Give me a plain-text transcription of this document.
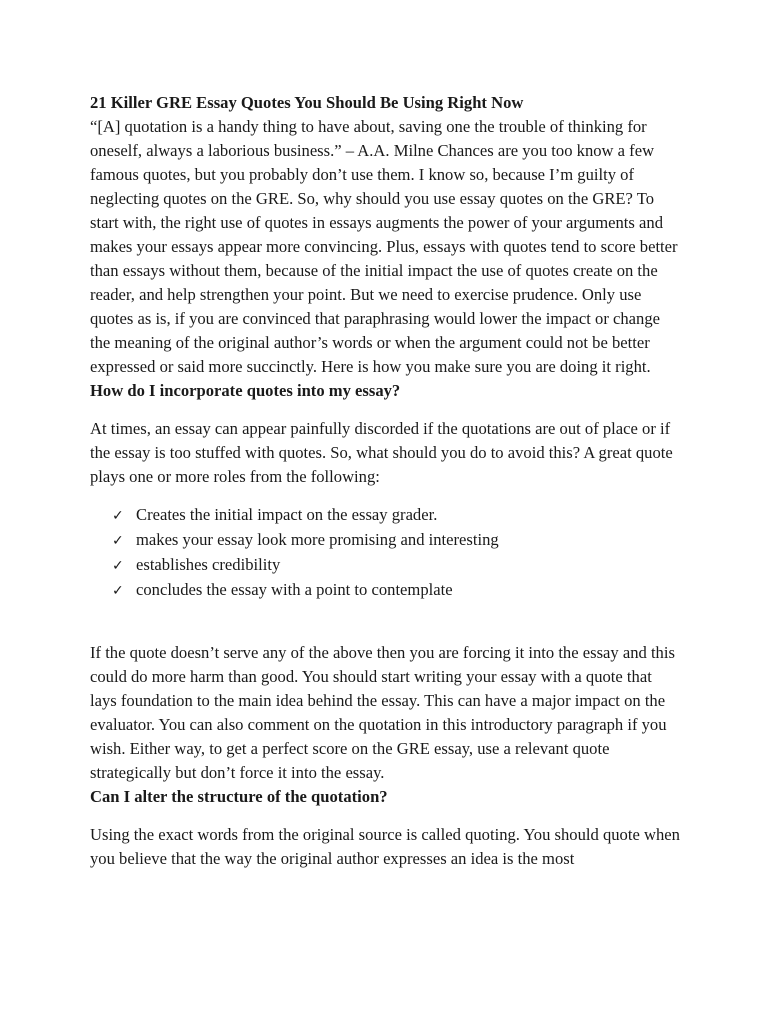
21 Killer GRE Essay Quotes You Should Be Using Right Now

“[A] quotation is a handy thing to have about, saving one the trouble of thinking for oneself, always a laborious business.” – A.A. Milne Chances are you too know a few famous quotes, but you probably don’t use them. I know so, because I’m guilty of neglecting quotes on the GRE. So, why should you use essay quotes on the GRE? To start with, the right use of quotes in essays augments the power of your arguments and makes your essays appear more convincing. Plus, essays with quotes tend to score better than essays without them, because of the initial impact the use of quotes create on the reader, and help strengthen your point. But we need to exercise prudence. Only use quotes as is, if you are convinced that paraphrasing would lower the impact or change the meaning of the original author’s words or when the argument could not be better expressed or said more succinctly. Here is how you make sure you are doing it right.

How do I incorporate quotes into my essay?

At times, an essay can appear painfully discorded if the quotations are out of place or if the essay is too stuffed with quotes. So, what should you do to avoid this? A great quote plays one or more roles from the following:

✓ Creates the initial impact on the essay grader.
✓ makes your essay look more promising and interesting
✓ establishes credibility
✓ concludes the essay with a point to contemplate

If the quote doesn’t serve any of the above then you are forcing it into the essay and this could do more harm than good. You should start writing your essay with a quote that lays foundation to the main idea behind the essay. This can have a major impact on the evaluator. You can also comment on the quotation in this introductory paragraph if you wish. Either way, to get a perfect score on the GRE essay, use a relevant quote strategically but don’t force it into the essay.

Can I alter the structure of the quotation?

Using the exact words from the original source is called quoting. You should quote when you believe that the way the original author expresses an idea is the most
